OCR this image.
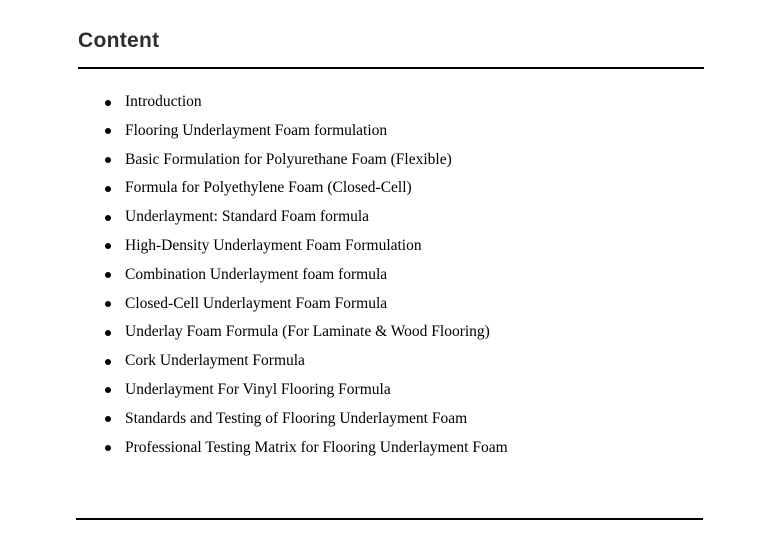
Content
Introduction
Flooring Underlayment Foam formulation
Basic Formulation for Polyurethane Foam (Flexible)
Formula for Polyethylene Foam (Closed-Cell)
Underlayment: Standard Foam formula
High-Density Underlayment Foam Formulation
Combination Underlayment foam formula
Closed-Cell Underlayment Foam Formula
Underlay Foam Formula (For Laminate & Wood Flooring)
Cork Underlayment Formula
Underlayment For Vinyl Flooring Formula
Standards and Testing of Flooring Underlayment Foam
Professional Testing Matrix for Flooring Underlayment Foam
